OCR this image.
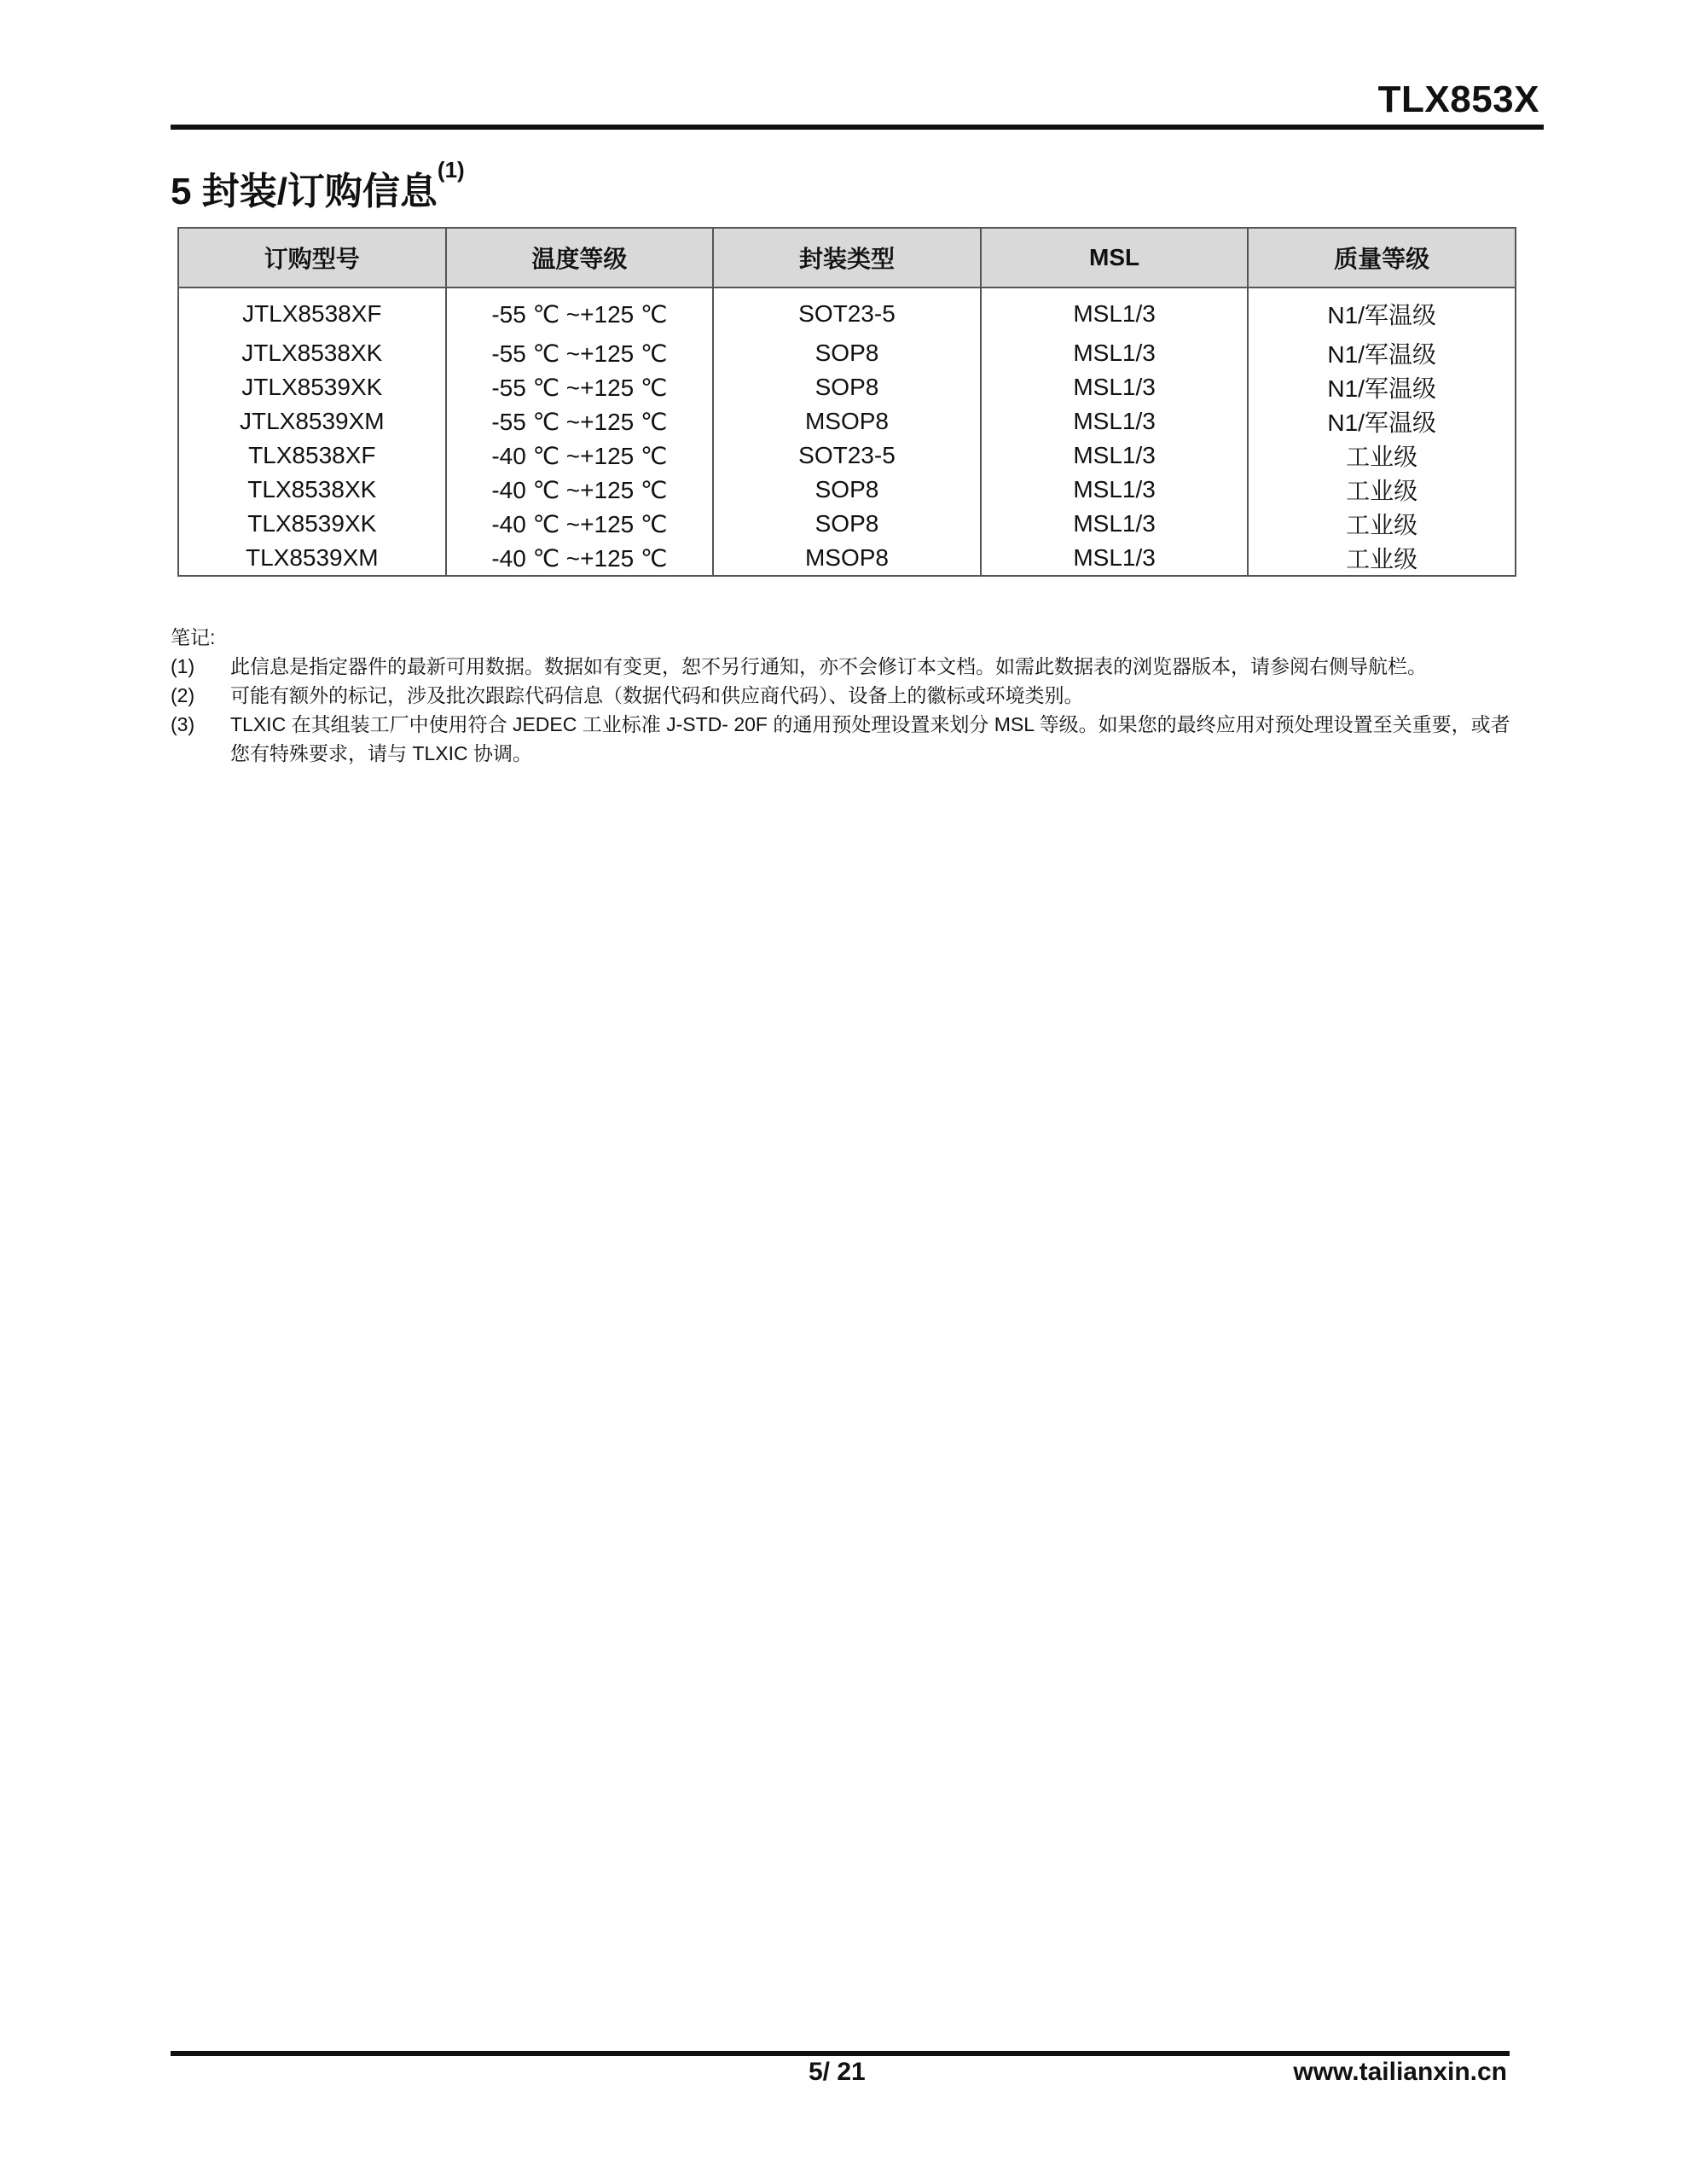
TLX853X
5 封装/订购信息$^{(1)}$
订购型号	温度等级	封装类型	MSL	质量等级
JTLX8538XF	-55 ℃ ~+125 ℃	SOT23-5	MSL1/3	N1/军温级
JTLX8538XK	-55 ℃ ~+125 ℃	SOP8	MSL1/3	N1/军温级
JTLX8539XK	-55 ℃ ~+125 ℃	SOP8	MSL1/3	N1/军温级
JTLX8539XM	-55 ℃ ~+125 ℃	MSOP8	MSL1/3	N1/军温级
TLX8538XF	-40 ℃ ~+125 ℃	SOT23-5	MSL1/3	工业级
TLX8538XK	-40 ℃ ~+125 ℃	SOP8	MSL1/3	工业级
TLX8539XK	-40 ℃ ~+125 ℃	SOP8	MSL1/3	工业级
TLX8539XM	-40 ℃ ~+125 ℃	MSOP8	MSL1/3	工业级
笔记:
(1)	此信息是指定器件的最新可用数据。数据如有变更，恕不另行通知，亦不会修订本文档。如需此数据表的浏览器版本，请参阅右侧导航栏。
(2)	可能有额外的标记，涉及批次跟踪代码信息（数据代码和供应商代码）、设备上的徽标或环境类别。
(3)	TLXIC 在其组装工厂中使用符合 JEDEC 工业标准 J-STD- 20F 的通用预处理设置来划分 MSL 等级。如果您的最终应用对预处理设置至关重要，或者您有特殊要求，请与 TLXIC 协调。
5/ 21	www.tailianxin.cn
